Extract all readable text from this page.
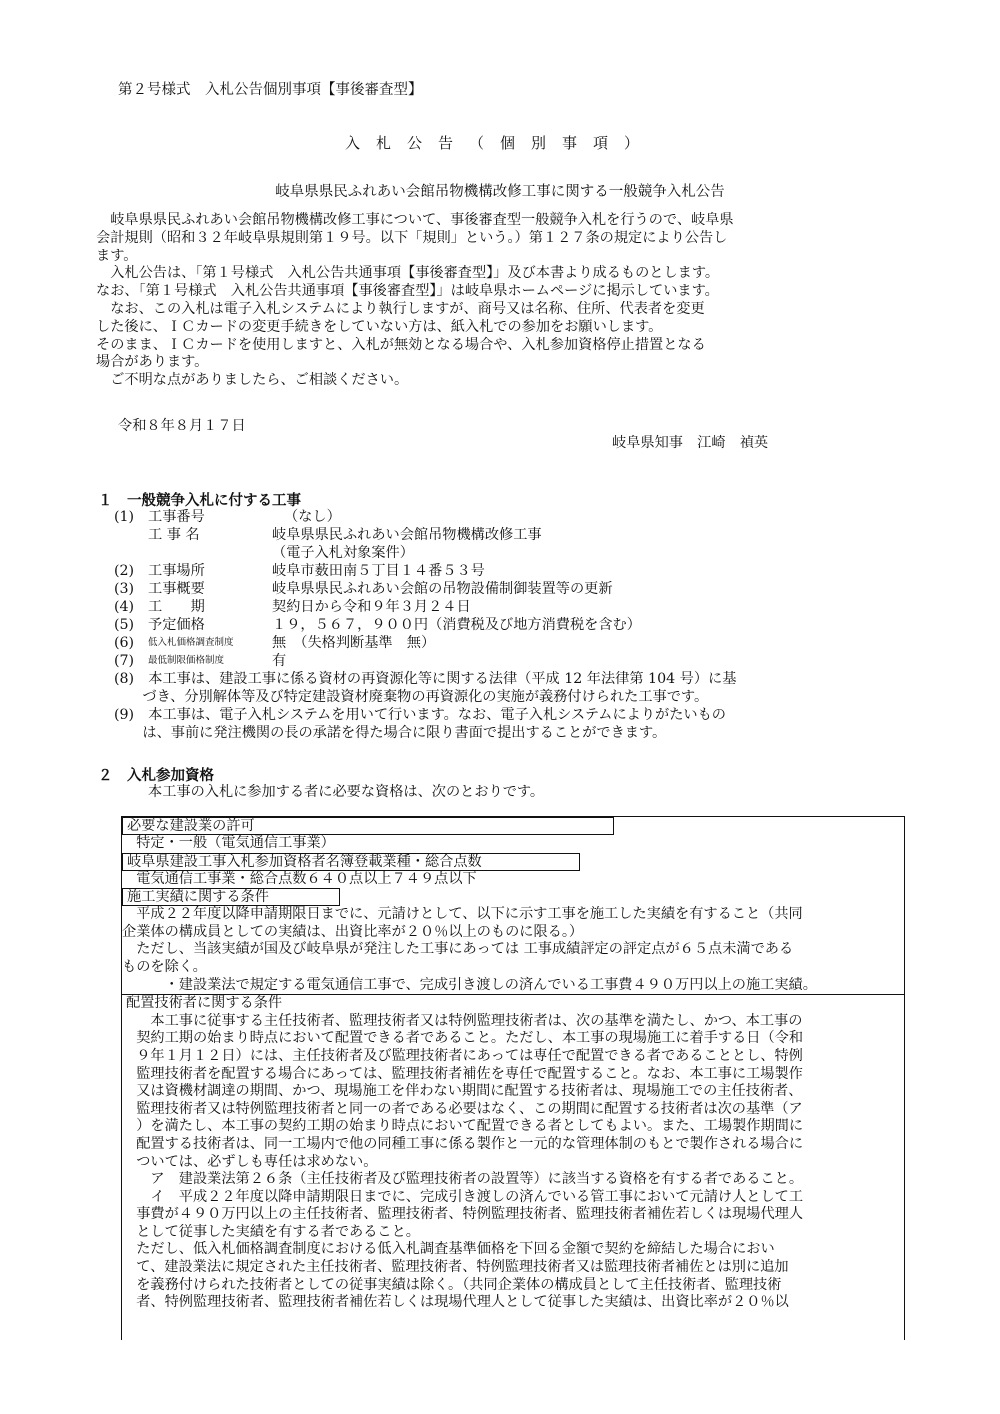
第２号様式　入札公告個別事項【事後審査型】
入札公告（個別事項）
岐阜県県民ふれあい会館吊物機構改修工事に関する一般競争入札公告

　岐阜県県民ふれあい会館吊物機構改修工事について、事後審査型一般競争入札を行うので、岐阜県

会計規則（昭和３２年岐阜県規則第１９号。以下「規則」という。）第１２７条の規定により公告し

ます。

　入札公告は、「第１号様式　入札公告共通事項【事後審査型】」及び本書より成るものとします。

なお、「第１号様式　入札公告共通事項【事後審査型】」は岐阜県ホームページに掲示しています。

　なお、この入札は電子入札システムにより執行しますが、商号又は名称、住所、代表者を変更

した後に、ＩＣカードの変更手続きをしていない方は、紙入札での参加をお願いします。

そのまま、ＩＣカードを使用しますと、入札が無効となる場合や、入札参加資格停止措置となる

場合があります。

　ご不明な点がありましたら、ご相談ください。

令和８年８月１７日
岐阜県知事　江崎　禎英
１　一般競争入札に付する工事
(1) 工事番号	（なし）
工 事 名	岐阜県県民ふれあい会館吊物機構改修工事
（電子入札対象案件）
(2) 工事場所	岐阜市薮田南５丁目１４番５３号
(3) 工事概要	岐阜県県民ふれあい会館の吊物設備制御装置等の更新
(4) 工　　期	契約日から令和９年３月２４日
(5) 予定価格	１９，５６７，９００円（消費税及び地方消費税を含む）
(6) 低入札価格調査制度	無　（失格判断基準　無）
(7) 最低制限価格制度	有
(8)　本工事は、建設工事に係る資材の再資源化等に関する法律（平成 12 年法律第 104 号）に基
　　づき、分別解体等及び特定建設資材廃棄物の再資源化の実施が義務付けられた工事です。
(9)　本工事は、電子入札システムを用いて行います。なお、電子入札システムによりがたいもの
　　は、事前に発注機関の長の承諾を得た場合に限り書面で提出することができます。
２　入札参加資格
本工事の入札に参加する者に必要な資格は、次のとおりです。
必要な建設業の許可
　特定・一般（電気通信工事業）
岐阜県建設工事入札参加資格者名簿登載業種・総合点数
　電気通信工事業・総合点数６４０点以上７４９点以下
施工実績に関する条件
　平成２２年度以降申請期限日までに、元請けとして、以下に示す工事を施工した実績を有すること（共同
企業体の構成員としての実績は、出資比率が２０％以上のものに限る。）
　ただし、当該実績が国及び岐阜県が発注した工事にあっては 工事成績評定の評定点が６５点未満である
ものを除く。
　　　・建設業法で規定する電気通信工事で、完成引き渡しの済んでいる工事費４９０万円以上の施工実績。
配置技術者に関する条件
　　本工事に従事する主任技術者、監理技術者又は特例監理技術者は、次の基準を満たし、かつ、本工事の
　契約工期の始まり時点において配置できる者であること。ただし、本工事の現場施工に着手する日（令和
　９年１月１２日）には、主任技術者及び監理技術者にあっては専任で配置できる者であることとし、特例
　監理技術者を配置する場合にあっては、監理技術者補佐を専任で配置すること。なお、本工事に工場製作
　又は資機材調達の期間、かつ、現場施工を伴わない期間に配置する技術者は、現場施工での主任技術者、
　監理技術者又は特例監理技術者と同一の者である必要はなく、この期間に配置する技術者は次の基準（ア
　）を満たし、本工事の契約工期の始まり時点において配置できる者としてもよい。また、工場製作期間に
　配置する技術者は、同一工場内で他の同種工事に係る製作と一元的な管理体制のもとで製作される場合に
　ついては、必ずしも専任は求めない。
　　ア　建設業法第２６条（主任技術者及び監理技術者の設置等）に該当する資格を有する者であること。
　　イ　平成２２年度以降申請期限日までに、完成引き渡しの済んでいる管工事において元請け人として工
　事費が４９０万円以上の主任技術者、監理技術者、特例監理技術者、監理技術者補佐若しくは現場代理人
　として従事した実績を有する者であること。
　ただし、低入札価格調査制度における低入札調査基準価格を下回る金額で契約を締結した場合におい
　て、建設業法に規定された主任技術者、監理技術者、特例監理技術者又は監理技術者補佐とは別に追加
　を義務付けられた技術者としての従事実績は除く。（共同企業体の構成員として主任技術者、監理技術
　者、特例監理技術者、監理技術者補佐若しくは現場代理人として従事した実績は、出資比率が２０％以
